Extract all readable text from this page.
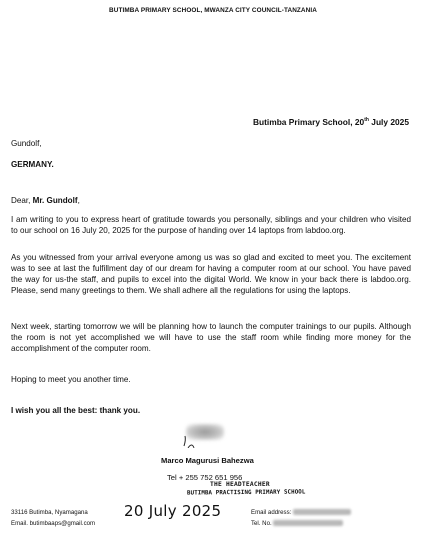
BUTIMBA PRIMARY SCHOOL, MWANZA CITY COUNCIL-TANZANIA
Butimba Primary School, 20th July 2025
Gundolf,
GERMANY.
Dear, Mr. Gundolf,
I am writing to you to express heart of gratitude towards you personally, siblings and your children who visited to our school on 16 July 20, 2025 for the purpose of handing over 14 laptops from labdoo.org.
As you witnessed from your arrival everyone among us was so glad and excited to meet you. The excitement was to see at last the fulfillment day of our dream for having a computer room at our school. You have paved the way for us-the staff, and pupils to excel into the digital World. We know in your back there is labdoo.org. Please, send many greetings to them. We shall adhere all the regulations for using the laptops.
Next week, starting tomorrow we will be planning how to launch the computer trainings to our pupils. Although the room is not yet accomplished we will have to use the staff room while finding more money for the accomplishment of the computer room.
Hoping to meet you another time.
I wish you all the best: thank you.
Marco Magurusi Bahezwa
Tel + 255 752 651 956
THE HEADTEACHER
BUTIMBA PRACTISING PRIMARY SCHOOL
33116 Butimba, Nyamagana
Email. butimbaaps@gmail.com
20 July 2025	Email address:
Tel. No.
